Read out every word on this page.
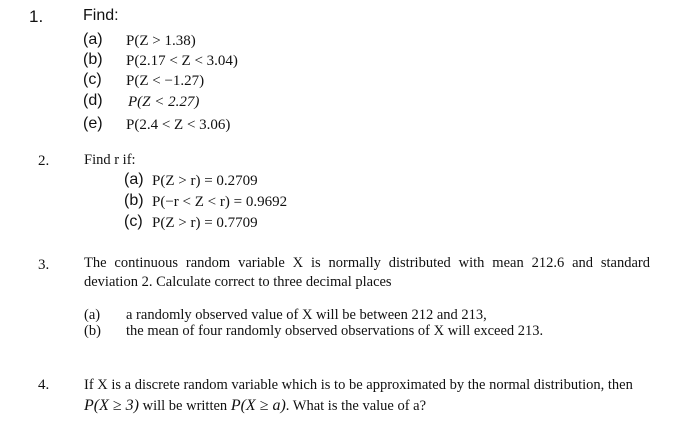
1. Find:
(a) P(Z > 1.38)
(b) P(2.17 < Z < 3.04)
(c) P(Z < −1.27)
(d) P(Z < 2.27)
(e) P(2.4 < Z < 3.06)
2. Find r if:
(a) P(Z > r) = 0.2709
(b) P(−r < Z < r) = 0.9692
(c) P(Z > r) = 0.7709
3. The continuous random variable X is normally distributed with mean 212.6 and standard deviation 2. Calculate correct to three decimal places
(a) a randomly observed value of X will be between 212 and 213,
(b) the mean of four randomly observed observations of X will exceed 213.
4. If X is a discrete random variable which is to be approximated by the normal distribution, then
P(X ≥ 3) will be written P(X ≥ a). What is the value of a?
